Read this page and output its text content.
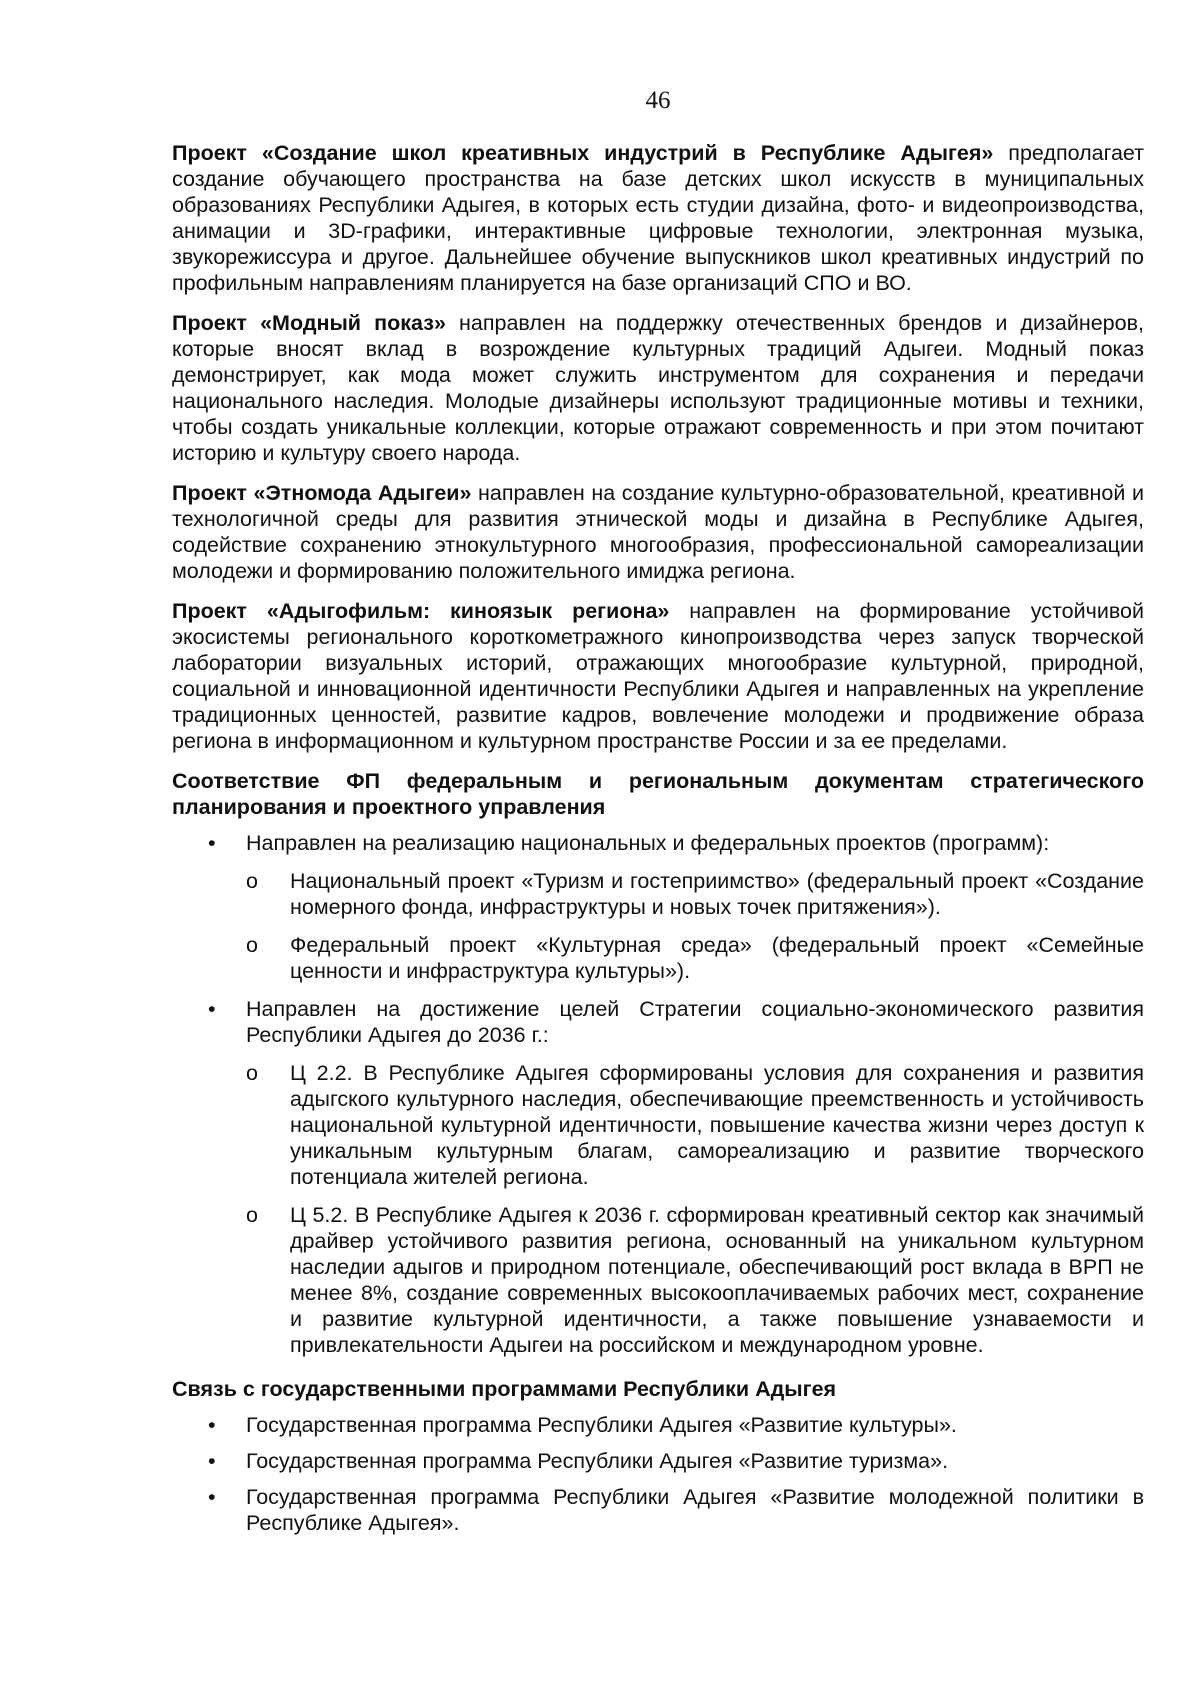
46

Проект «Создание школ креативных индустрий в Республике Адыгея» предполагает создание обучающего пространства на базе детских школ искусств в муниципальных образованиях Республики Адыгея, в которых есть студии дизайна, фото- и видеопроизводства, анимации и 3D-графики, интерактивные цифровые технологии, электронная музыка, звукорежиссура и другое. Дальнейшее обучение выпускников школ креативных индустрий по профильным направлениям планируется на базе организаций СПО и ВО.

Проект «Модный показ» направлен на поддержку отечественных брендов и дизайнеров, которые вносят вклад в возрождение культурных традиций Адыгеи. Модный показ демонстрирует, как мода может служить инструментом для сохранения и передачи национального наследия. Молодые дизайнеры используют традиционные мотивы и техники, чтобы создать уникальные коллекции, которые отражают современность и при этом почитают историю и культуру своего народа.

Проект «Этномода Адыгеи» направлен на создание культурно-образовательной, креативной и технологичной среды для развития этнической моды и дизайна в Республике Адыгея, содействие сохранению этнокультурного многообразия, профессиональной самореализации молодежи и формированию положительного имиджа региона.

Проект «Адыгофильм: киноязык региона» направлен на формирование устойчивой экосистемы регионального короткометражного кинопроизводства через запуск творческой лаборатории визуальных историй, отражающих многообразие культурной, природной, социальной и инновационной идентичности Республики Адыгея и направленных на укрепление традиционных ценностей, развитие кадров, вовлечение молодежи и продвижение образа региона в информационном и культурном пространстве России и за ее пределами.

Соответствие ФП федеральным и региональным документам стратегического планирования и проектного управления
• Направлен на реализацию национальных и федеральных проектов (программ):

o Национальный проект «Туризм и гостеприимство» (федеральный проект «Создание номерного фонда, инфраструктуры и новых точек притяжения»).

o Федеральный проект «Культурная среда» (федеральный проект «Семейные ценности и инфраструктура культуры»).

• Направлен на достижение целей Стратегии социально-экономического развития Республики Адыгея до 2036 г.:

o Ц 2.2. В Республике Адыгея сформированы условия для сохранения и развития адыгского культурного наследия, обеспечивающие преемственность и устойчивость национальной культурной идентичности, повышение качества жизни через доступ к уникальным культурным благам, самореализацию и развитие творческого потенциала жителей региона.

o Ц 5.2. В Республике Адыгея к 2036 г. сформирован креативный сектор как значимый драйвер устойчивого развития региона, основанный на уникальном культурном наследии адыгов и природном потенциале, обеспечивающий рост вклада в ВРП не менее 8%, создание современных высокооплачиваемых рабочих мест, сохранение и развитие культурной идентичности, а также повышение узнаваемости и привлекательности Адыгеи на российском и международном уровне.

Связь с государственными программами Республики Адыгея
• Государственная программа Республики Адыгея «Развитие культуры».

• Государственная программа Республики Адыгея «Развитие туризма».

• Государственная программа Республики Адыгея «Развитие молодежной политики в Республике Адыгея».
